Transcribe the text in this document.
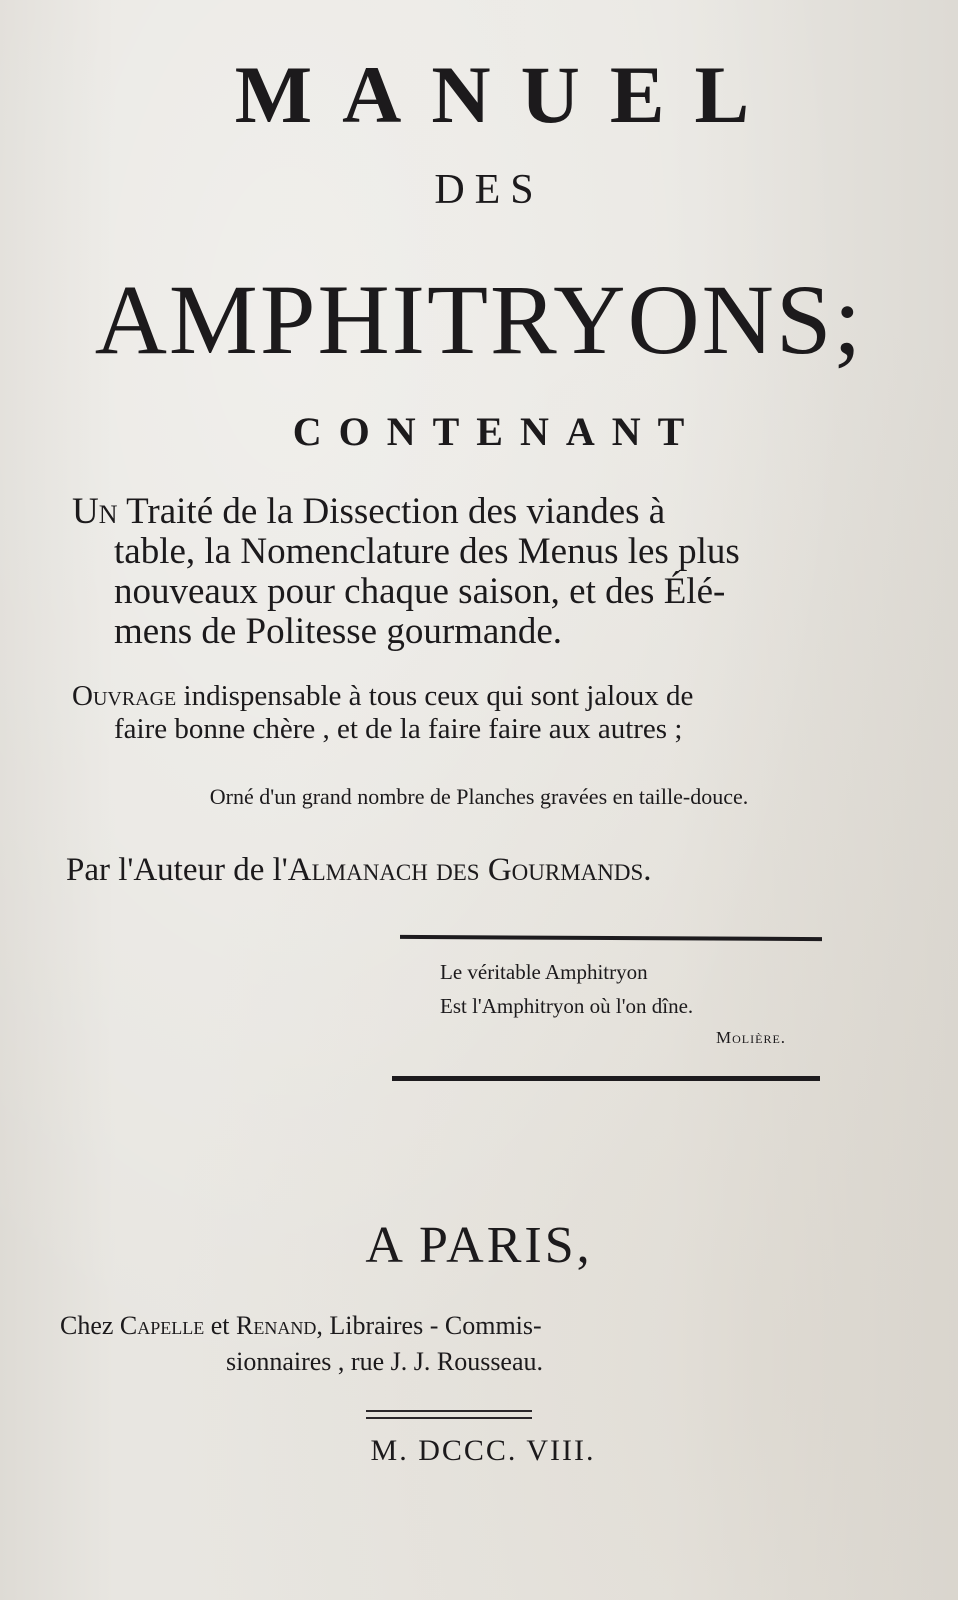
MANUEL
DES
AMPHITRYONS;
CONTENANT
Un Traité de la Dissection des viandes à
table, la Nomenclature des Menus les plus
nouveaux pour chaque saison, et des Élé-
mens de Politesse gourmande.
Ouvrage indispensable à tous ceux qui sont jaloux de
faire bonne chère , et de la faire faire aux autres ;
Orné d'un grand nombre de Planches gravées en taille-douce.
Par l'Auteur de l'Almanach des Gourmands.
Le véritable Amphitryon
Est l'Amphitryon où l'on dîne.
Molière.
A PARIS,
Chez Capelle et Renand, Libraires - Commis-
sionnaires , rue J. J. Rousseau.
M. DCCC. VIII.
